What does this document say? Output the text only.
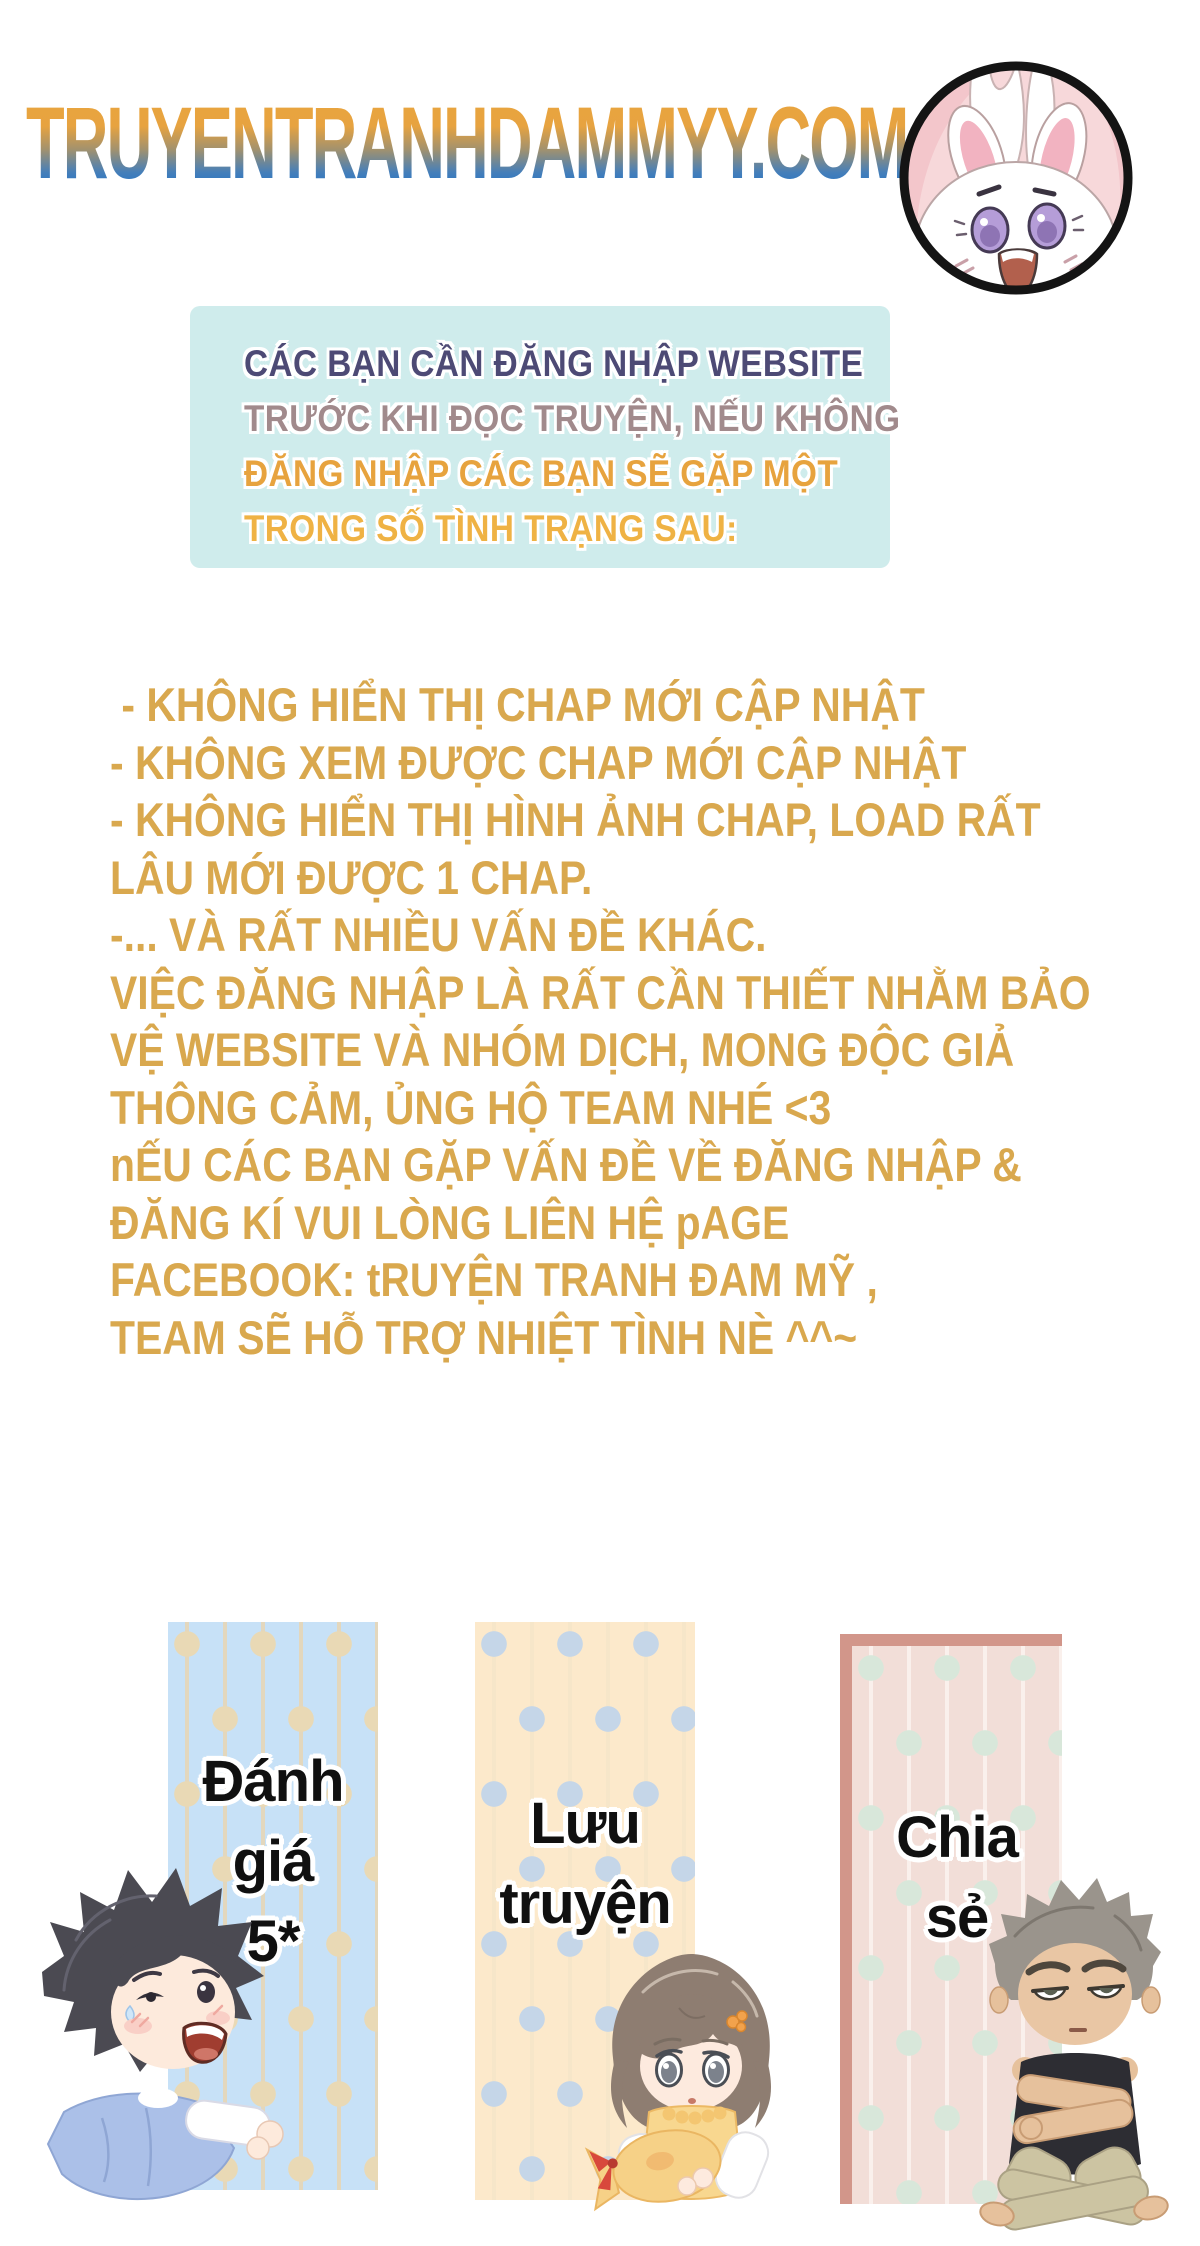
TRUYENTRANHDAMMYY.COM
CÁC BẠN CẦN ĐĂNG NHẬP WEBSITE
TRƯỚC KHI ĐỌC TRUYỆN, NẾU KHÔNG
ĐĂNG NHẬP CÁC BẠN SẼ GẶP MỘT
TRONG SỐ TÌNH TRẠNG SAU:
- KHÔNG HIỂN THỊ CHAP MỚI CẬP NHẬT
- KHÔNG XEM ĐƯỢC CHAP MỚI CẬP NHẬT
- KHÔNG HIỂN THỊ HÌNH ẢNH CHAP, LOAD RẤT
LÂU MỚI ĐƯỢC 1 CHAP.
-... VÀ RẤT NHIỀU VẤN ĐỀ KHÁC.
VIỆC ĐĂNG NHẬP LÀ RẤT CẦN THIẾT NHẰM BẢO
VỆ WEBSITE VÀ NHÓM DỊCH, MONG ĐỘC GIẢ
THÔNG CẢM, ỦNG HỘ TEAM NHÉ <3
nẾU CÁC BẠN GẶP VẤN ĐỀ VỀ ĐĂNG NHẬP &
ĐĂNG KÍ VUI LÒNG LIÊN HỆ pAGE
FACEBOOK: tRUYỆN TRANH ĐAM MỸ ,
TEAM SẼ HỖ TRỢ NHIỆT TÌNH NÈ ^^~
Đánh
giá
5*
Lưu
truyện
Chia
sẻ
